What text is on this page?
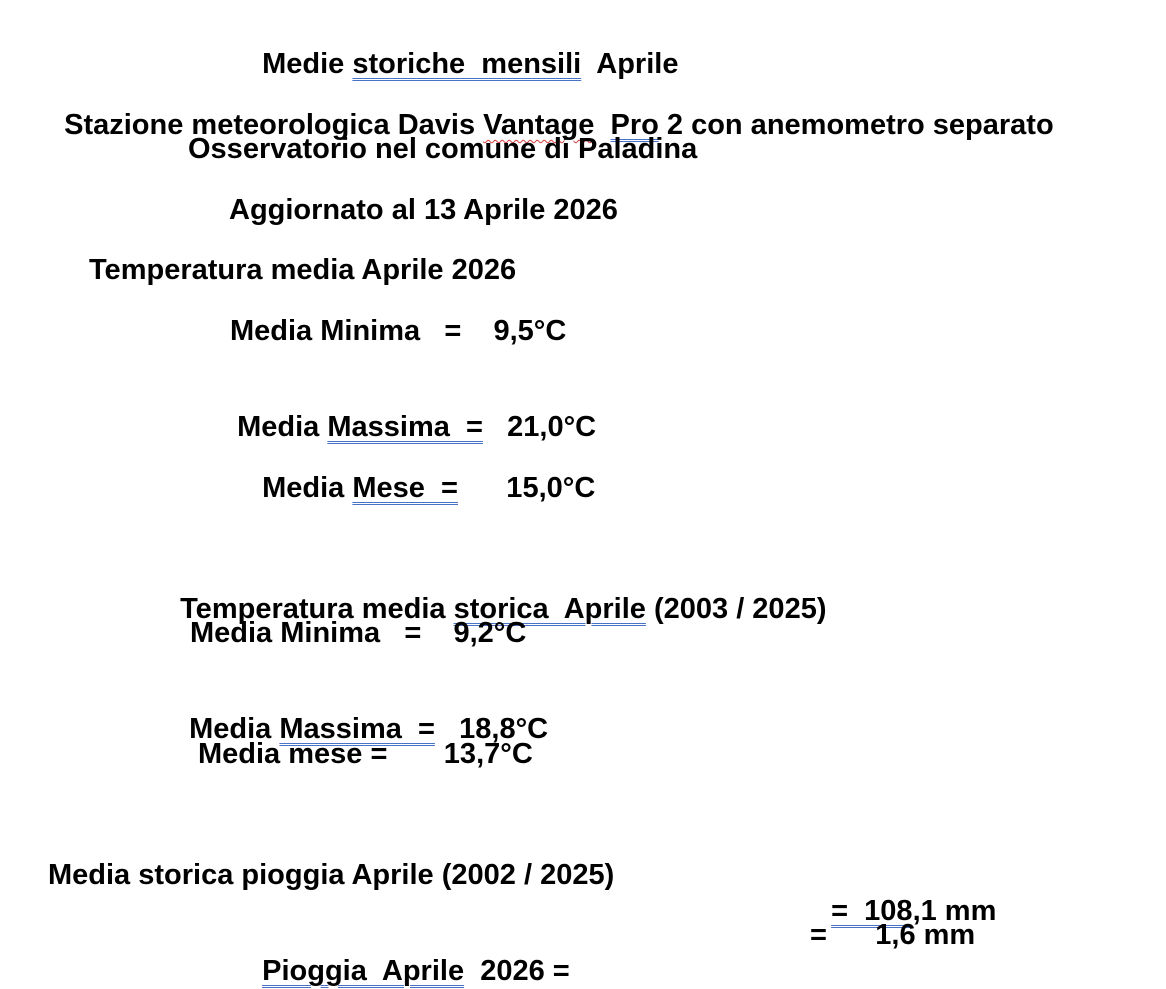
Medie storiche  mensili  Aprile

Stazione meteorologica Davis Vantage Pro 2 con anemometro separato

Osservatorio nel comune di Paladina

Aggiornato al 13 Aprile 2026

Temperatura media Aprile 2026

Media Minima   =    9,5°C

Media Massima  =   21,0°C

Media Mese  =      15,0°C

Temperatura media storica  Aprile (2003 / 2025)

Media Minima   =    9,2°C

Media Massima  =   18,8°C

Media mese =       13,7°C

Media storica pioggia Aprile (2002 / 2025)

=  108,1 mm

Pioggia  Aprile  2026 =

=      1,6 mm
